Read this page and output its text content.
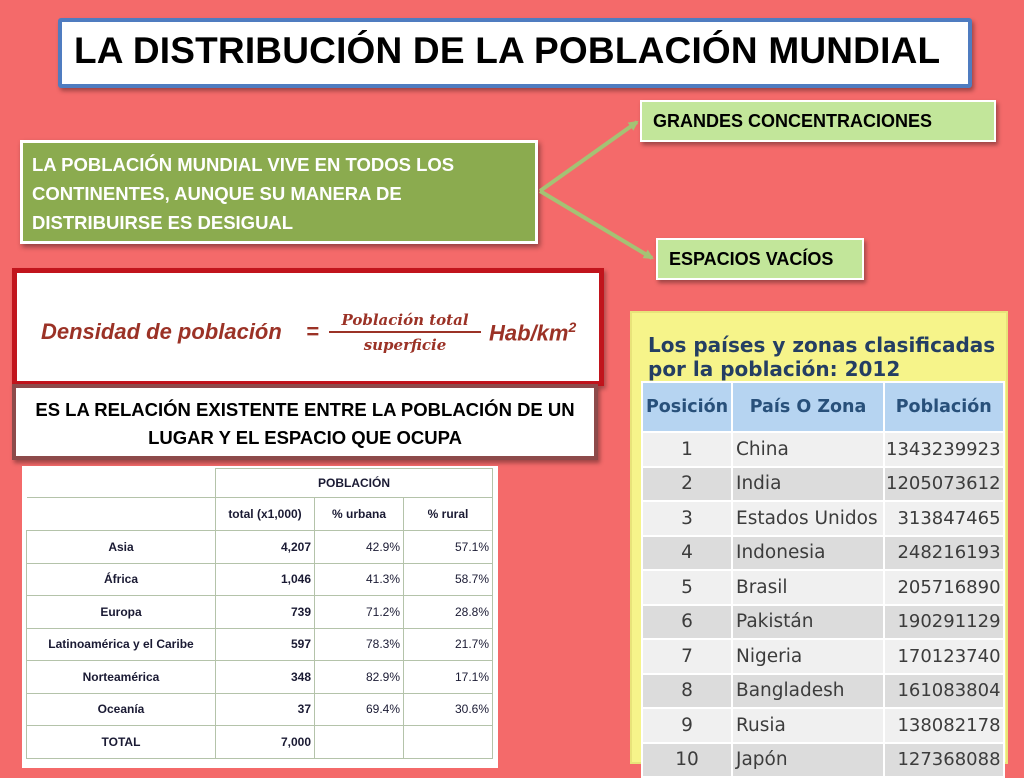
LA DISTRIBUCIÓN DE LA POBLACIÓN MUNDIAL
LA POBLACIÓN MUNDIAL VIVE EN TODOS LOS
CONTINENTES, AUNQUE SU MANERA DE
DISTRIBUIRSE ES DESIGUAL
GRANDES CONCENTRACIONES
ESPACIOS VACÍOS
Densidad de población =	Población total
superficie	Hab/$km^2$
ES LA RELACIÓN EXISTENTE ENTRE LA POBLACIÓN DE UN LUGAR Y EL ESPACIO QUE OCUPA
	POBLACIÓN		
	total (x1,000)	% urbana	% rural
Asia	4,207	42.9%	57.1%
África	1,046	41.3%	58.7%
Europa	739	71.2%	28.8%
Latinoamérica y el Caribe	597	78.3%	21.7%
Norteamérica	348	82.9%	17.1%
Oceanía	37	69.4%	30.6%
TOTAL	7,000		
Los países y zonas clasificadas
por la población: 2012
Posición	País O Zona	Población
1	China	1343239923
2	India	1205073612
3	Estados Unidos	313847465
4	Indonesia	248216193
5	Brasil	205716890
6	Pakistán	190291129
7	Nigeria	170123740
8	Bangladesh	161083804
9	Rusia	138082178
10	Japón	127368088
